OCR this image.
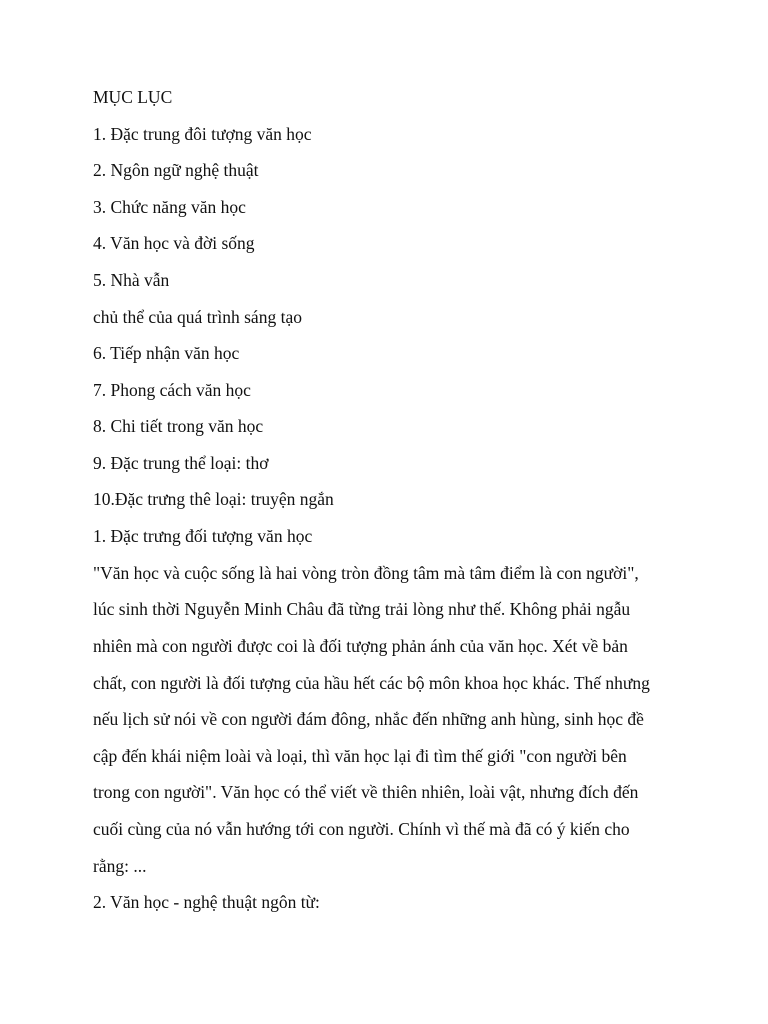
MỤC LỤC

1. Đặc trung đôi tượng văn học

2. Ngôn ngữ nghệ thuật

3. Chức năng văn học

4. Văn học và đời sống

5. Nhà vẫn

chủ thể của quá trình sáng tạo

6. Tiếp nhận văn học

7. Phong cách văn học

8. Chi tiết trong văn học

9. Đặc trung thể loại: thơ

10.Đặc trưng thê loại: truyện ngắn

1. Đặc trưng đối tượng văn học

"Văn học và cuộc sống là hai vòng tròn đồng tâm mà tâm điểm là con người",

lúc sinh thời Nguyễn Minh Châu đã từng trải lòng như thế. Không phải ngẫu

nhiên mà con người được coi là đối tượng phản ánh của văn học. Xét về bản

chất, con người là đối tượng của hầu hết các bộ môn khoa học khác. Thế nhưng

nếu lịch sử nói về con người đám đông, nhắc đến những anh hùng, sinh học đề

cập đến khái niệm loài và loại, thì văn học lại đi tìm thế giới "con người bên

trong con người". Văn học có thể viết về thiên nhiên, loài vật, nhưng đích đến

cuối cùng của nó vẫn hướng tới con người. Chính vì thế mà đã có ý kiến cho

rằng: ...

2. Văn học - nghệ thuật ngôn từ:
